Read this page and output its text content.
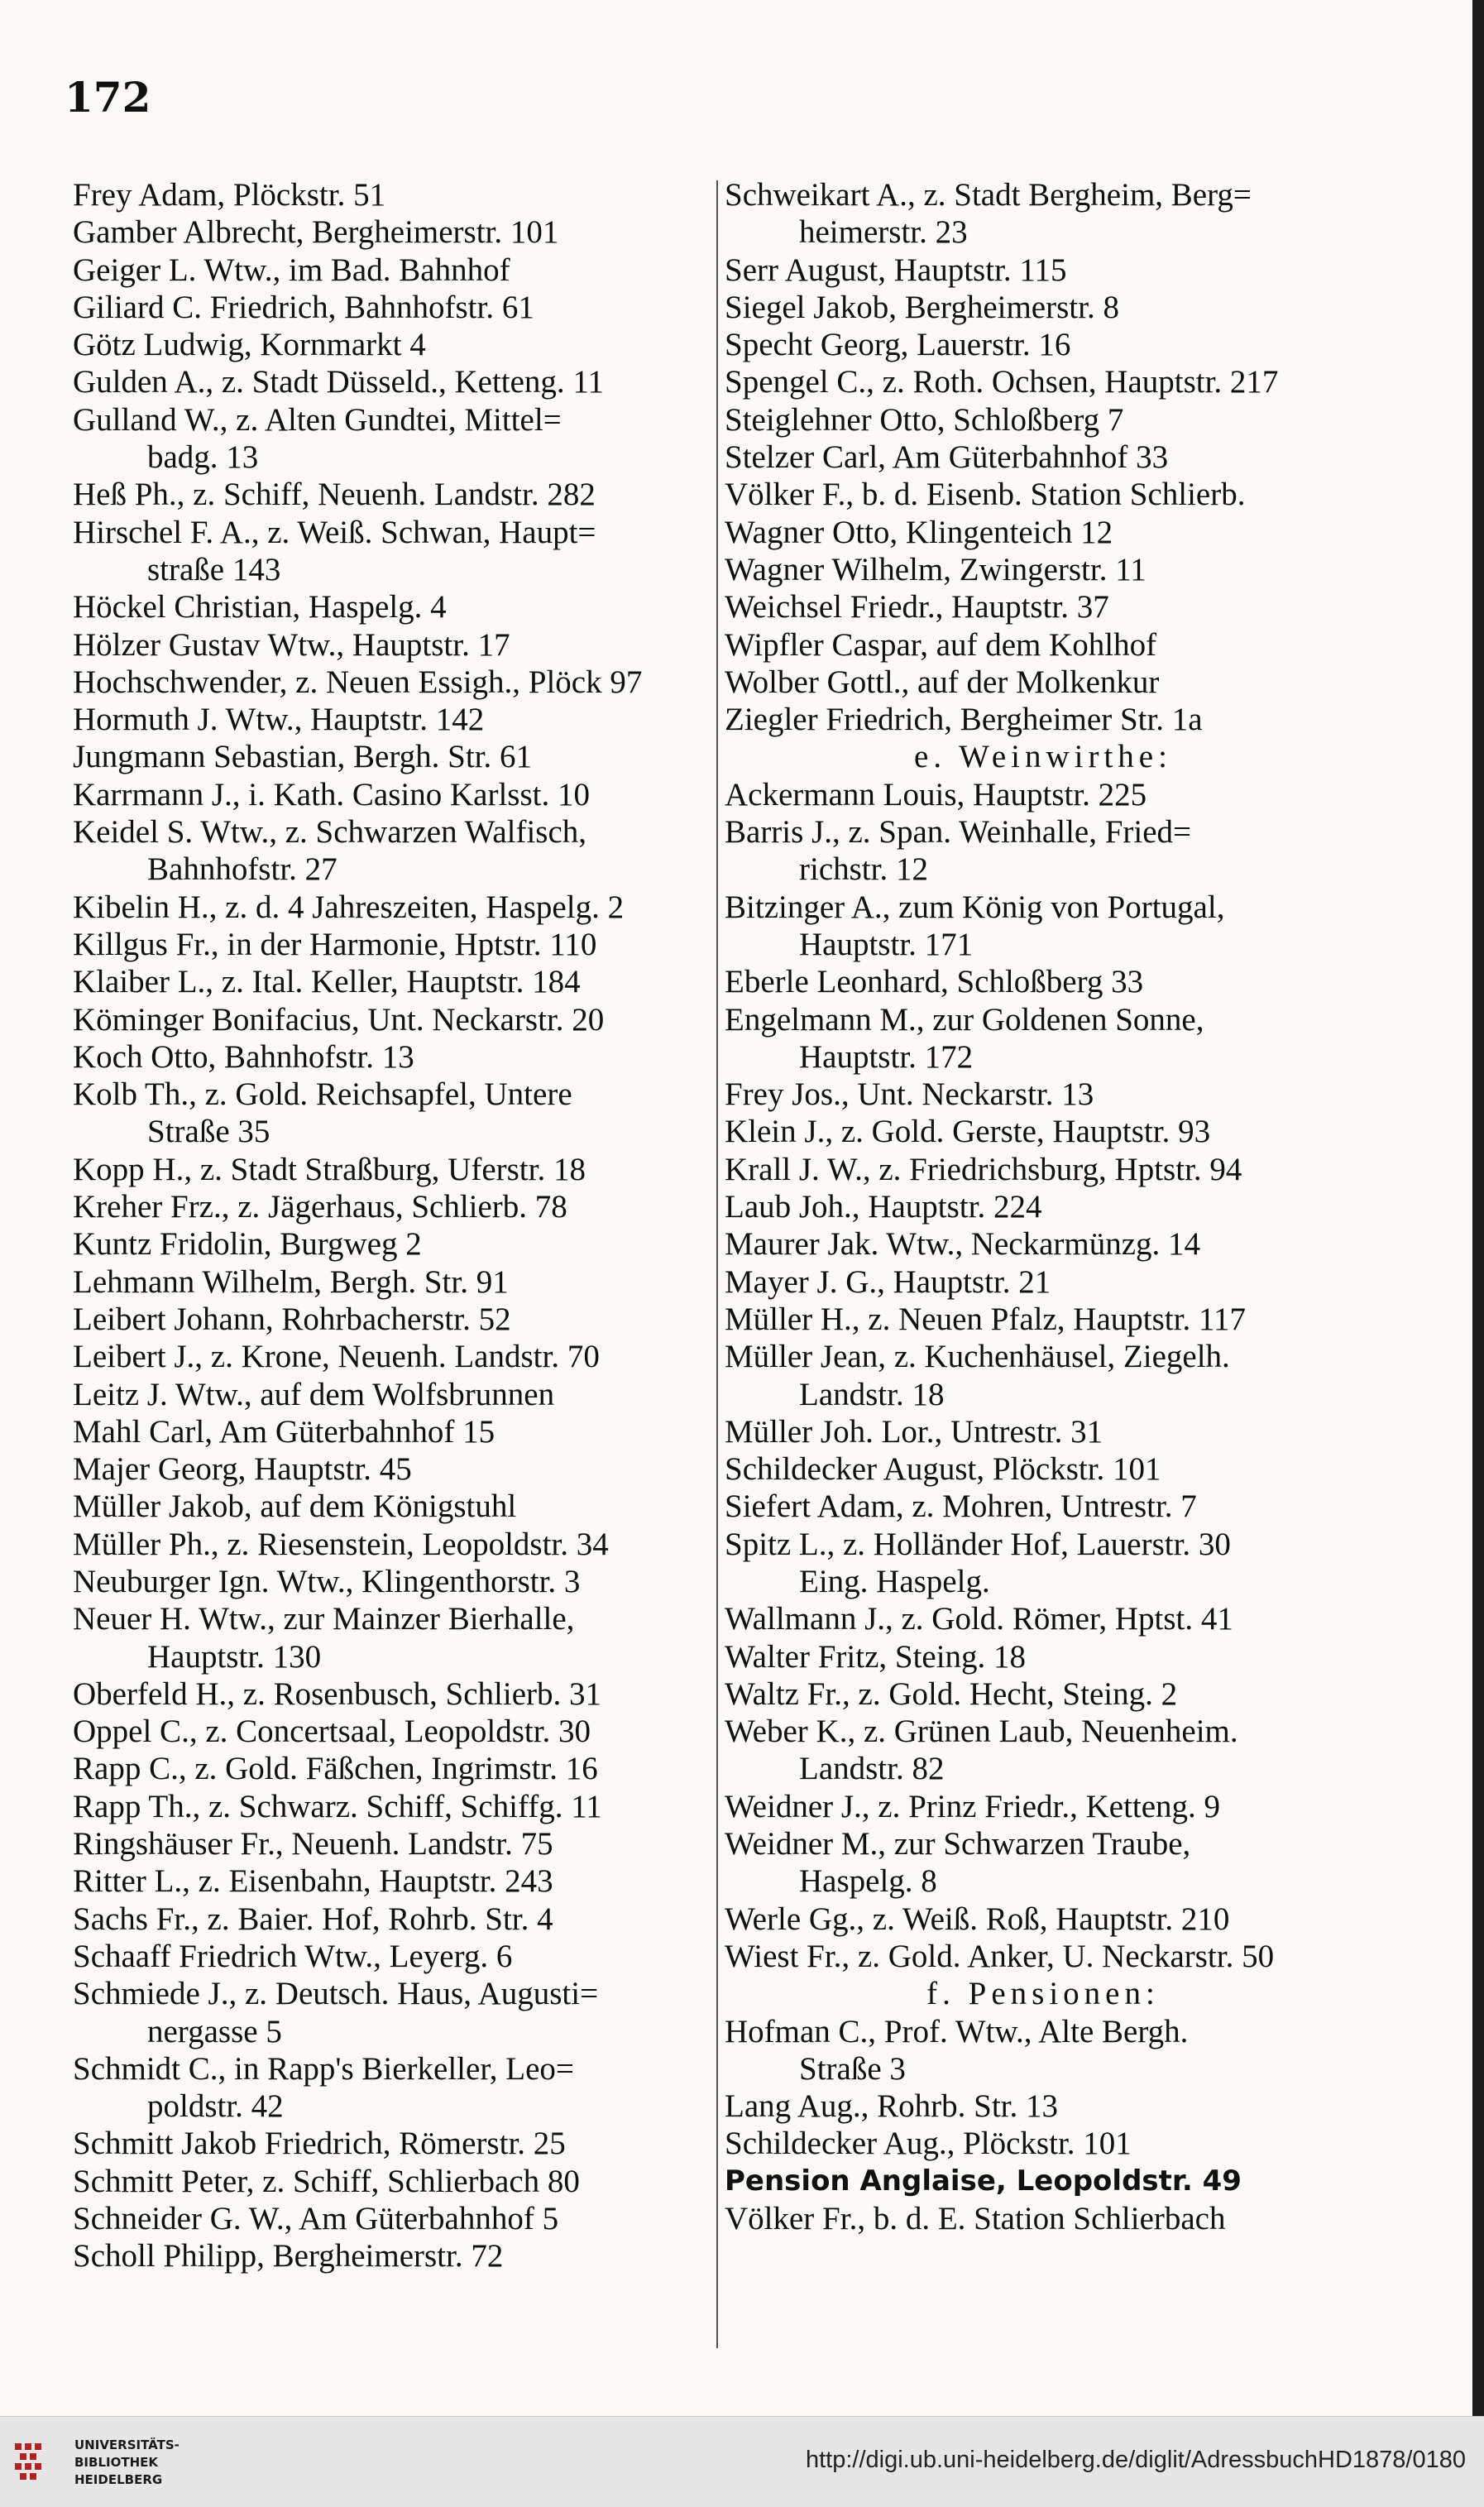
172
Frey Adam, Plöckstr. 51
Gamber Albrecht, Bergheimerstr. 101
Geiger L. Wtw., im Bad. Bahnhof
Giliard C. Friedrich, Bahnhofstr. 61
Götz Ludwig, Kornmarkt 4
Gulden A., z. Stadt Düsseld., Ketteng. 11
Gulland W., z. Alten Gundtei, Mittel=
badg. 13
Heß Ph., z. Schiff, Neuenh. Landstr. 282
Hirschel F. A., z. Weiß. Schwan, Haupt=
straße 143
Höckel Christian, Haspelg. 4
Hölzer Gustav Wtw., Hauptstr. 17
Hochschwender, z. Neuen Essigh., Plöck 97
Hormuth J. Wtw., Hauptstr. 142
Jungmann Sebastian, Bergh. Str. 61
Karrmann J., i. Kath. Casino Karlsst. 10
Keidel S. Wtw., z. Schwarzen Walfisch,
Bahnhofstr. 27
Kibelin H., z. d. 4 Jahreszeiten, Haspelg. 2
Killgus Fr., in der Harmonie, Hptstr. 110
Klaiber L., z. Ital. Keller, Hauptstr. 184
Köminger Bonifacius, Unt. Neckarstr. 20
Koch Otto, Bahnhofstr. 13
Kolb Th., z. Gold. Reichsapfel, Untere
Straße 35
Kopp H., z. Stadt Straßburg, Uferstr. 18
Kreher Frz., z. Jägerhaus, Schlierb. 78
Kuntz Fridolin, Burgweg 2
Lehmann Wilhelm, Bergh. Str. 91
Leibert Johann, Rohrbacherstr. 52
Leibert J., z. Krone, Neuenh. Landstr. 70
Leitz J. Wtw., auf dem Wolfsbrunnen
Mahl Carl, Am Güterbahnhof 15
Majer Georg, Hauptstr. 45
Müller Jakob, auf dem Königstuhl
Müller Ph., z. Riesenstein, Leopoldstr. 34
Neuburger Ign. Wtw., Klingenthorstr. 3
Neuer H. Wtw., zur Mainzer Bierhalle,
Hauptstr. 130
Oberfeld H., z. Rosenbusch, Schlierb. 31
Oppel C., z. Concertsaal, Leopoldstr. 30
Rapp C., z. Gold. Fäßchen, Ingrimstr. 16
Rapp Th., z. Schwarz. Schiff, Schiffg. 11
Ringshäuser Fr., Neuenh. Landstr. 75
Ritter L., z. Eisenbahn, Hauptstr. 243
Sachs Fr., z. Baier. Hof, Rohrb. Str. 4
Schaaff Friedrich Wtw., Leyerg. 6
Schmiede J., z. Deutsch. Haus, Augusti=
nergasse 5
Schmidt C., in Rapp's Bierkeller, Leo=
poldstr. 42
Schmitt Jakob Friedrich, Römerstr. 25
Schmitt Peter, z. Schiff, Schlierbach 80
Schneider G. W., Am Güterbahnhof 5
Scholl Philipp, Bergheimerstr. 72
Schweikart A., z. Stadt Bergheim, Berg=
heimerstr. 23
Serr August, Hauptstr. 115
Siegel Jakob, Bergheimerstr. 8
Specht Georg, Lauerstr. 16
Spengel C., z. Roth. Ochsen, Hauptstr. 217
Steiglehner Otto, Schloßberg 7
Stelzer Carl, Am Güterbahnhof 33
Völker F., b. d. Eisenb. Station Schlierb.
Wagner Otto, Klingenteich 12
Wagner Wilhelm, Zwingerstr. 11
Weichsel Friedr., Hauptstr. 37
Wipfler Caspar, auf dem Kohlhof
Wolber Gottl., auf der Molkenkur
Ziegler Friedrich, Bergheimer Str. 1a
e. Weinwirthe:
Ackermann Louis, Hauptstr. 225
Barris J., z. Span. Weinhalle, Fried=
richstr. 12
Bitzinger A., zum König von Portugal,
Hauptstr. 171
Eberle Leonhard, Schloßberg 33
Engelmann M., zur Goldenen Sonne,
Hauptstr. 172
Frey Jos., Unt. Neckarstr. 13
Klein J., z. Gold. Gerste, Hauptstr. 93
Krall J. W., z. Friedrichsburg, Hptstr. 94
Laub Joh., Hauptstr. 224
Maurer Jak. Wtw., Neckarmünzg. 14
Mayer J. G., Hauptstr. 21
Müller H., z. Neuen Pfalz, Hauptstr. 117
Müller Jean, z. Kuchenhäusel, Ziegelh.
Landstr. 18
Müller Joh. Lor., Untrestr. 31
Schildecker August, Plöckstr. 101
Siefert Adam, z. Mohren, Untrestr. 7
Spitz L., z. Holländer Hof, Lauerstr. 30
Eing. Haspelg.
Wallmann J., z. Gold. Römer, Hptst. 41
Walter Fritz, Steing. 18
Waltz Fr., z. Gold. Hecht, Steing. 2
Weber K., z. Grünen Laub, Neuenheim.
Landstr. 82
Weidner J., z. Prinz Friedr., Ketteng. 9
Weidner M., zur Schwarzen Traube,
Haspelg. 8
Werle Gg., z. Weiß. Roß, Hauptstr. 210
Wiest Fr., z. Gold. Anker, U. Neckarstr. 50
f. Pensionen:
Hofman C., Prof. Wtw., Alte Bergh.
Straße 3
Lang Aug., Rohrb. Str. 13
Schildecker Aug., Plöckstr. 101
Pension Anglaise, Leopoldstr. 49
Völker Fr., b. d. E. Station Schlierbach
UNIVERSITÄTS-
BIBLIOTHEK
HEIDELBERG
http://digi.ub.uni-heidelberg.de/diglit/AdressbuchHD1878/0180
